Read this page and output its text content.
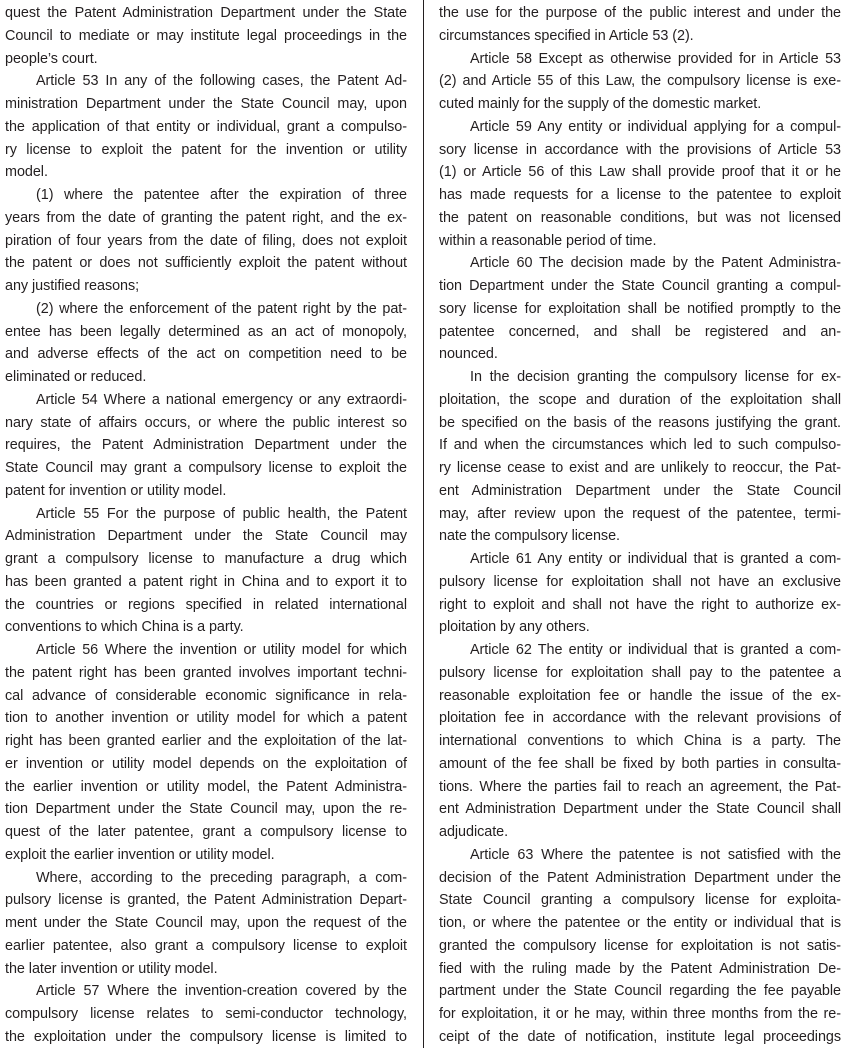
quest the Patent Administration Department under the State
Council to mediate or may institute legal proceedings in the
people’s court.
Article 53 In any of the following cases, the Patent Ad-
ministration Department under the State Council may, upon
the application of that entity or individual, grant a compulso-
ry license to exploit the patent for the invention or utility
model.
(1) where the patentee after the expiration of three
years from the date of granting the patent right, and the ex-
piration of four years from the date of filing, does not exploit
the patent or does not sufficiently exploit the patent without
any justified reasons;
(2) where the enforcement of the patent right by the pat-
entee has been legally determined as an act of monopoly,
and adverse effects of the act on competition need to be
eliminated or reduced.
Article 54 Where a national emergency or any extraordi-
nary state of affairs occurs, or where the public interest so
requires, the Patent Administration Department under the
State Council may grant a compulsory license to exploit the
patent for invention or utility model.
Article 55 For the purpose of public health, the Patent
Administration Department under the State Council may
grant a compulsory license to manufacture a drug which
has been granted a patent right in China and to export it to
the countries or regions specified in related international
conventions to which China is a party.
Article 56 Where the invention or utility model for which
the patent right has been granted involves important techni-
cal advance of considerable economic significance in rela-
tion to another invention or utility model for which a patent
right has been granted earlier and the exploitation of the lat-
er invention or utility model depends on the exploitation of
the earlier invention or utility model, the Patent Administra-
tion Department under the State Council may, upon the re-
quest of the later patentee, grant a compulsory license to
exploit the earlier invention or utility model.
Where, according to the preceding paragraph, a com-
pulsory license is granted, the Patent Administration Depart-
ment under the State Council may, upon the request of the
earlier patentee, also grant a compulsory license to exploit
the later invention or utility model.
Article 57 Where the invention-creation covered by the
compulsory license relates to semi-conductor technology,
the exploitation under the compulsory license is limited to
the use for the purpose of the public interest and under the
circumstances specified in Article 53 (2).
Article 58 Except as otherwise provided for in Article 53
(2) and Article 55 of this Law, the compulsory license is exe-
cuted mainly for the supply of the domestic market.
Article 59 Any entity or individual applying for a compul-
sory license in accordance with the provisions of Article 53
(1) or Article 56 of this Law shall provide proof that it or he
has made requests for a license to the patentee to exploit
the patent on reasonable conditions, but was not licensed
within a reasonable period of time.
Article 60 The decision made by the Patent Administra-
tion Department under the State Council granting a compul-
sory license for exploitation shall be notified promptly to the
patentee concerned, and shall be registered and an-
nounced.
In the decision granting the compulsory license for ex-
ploitation, the scope and duration of the exploitation shall
be specified on the basis of the reasons justifying the grant.
If and when the circumstances which led to such compulso-
ry license cease to exist and are unlikely to reoccur, the Pat-
ent Administration Department under the State Council
may, after review upon the request of the patentee, termi-
nate the compulsory license.
Article 61 Any entity or individual that is granted a com-
pulsory license for exploitation shall not have an exclusive
right to exploit and shall not have the right to authorize ex-
ploitation by any others.
Article 62 The entity or individual that is granted a com-
pulsory license for exploitation shall pay to the patentee a
reasonable exploitation fee or handle the issue of the ex-
ploitation fee in accordance with the relevant provisions of
international conventions to which China is a party. The
amount of the fee shall be fixed by both parties in consulta-
tions. Where the parties fail to reach an agreement, the Pat-
ent Administration Department under the State Council shall
adjudicate.
Article 63 Where the patentee is not satisfied with the
decision of the Patent Administration Department under the
State Council granting a compulsory license for exploita-
tion, or where the patentee or the entity or individual that is
granted the compulsory license for exploitation is not satis-
fied with the ruling made by the Patent Administration De-
partment under the State Council regarding the fee payable
for exploitation, it or he may, within three months from the re-
ceipt of the date of notification, institute legal proceedings
